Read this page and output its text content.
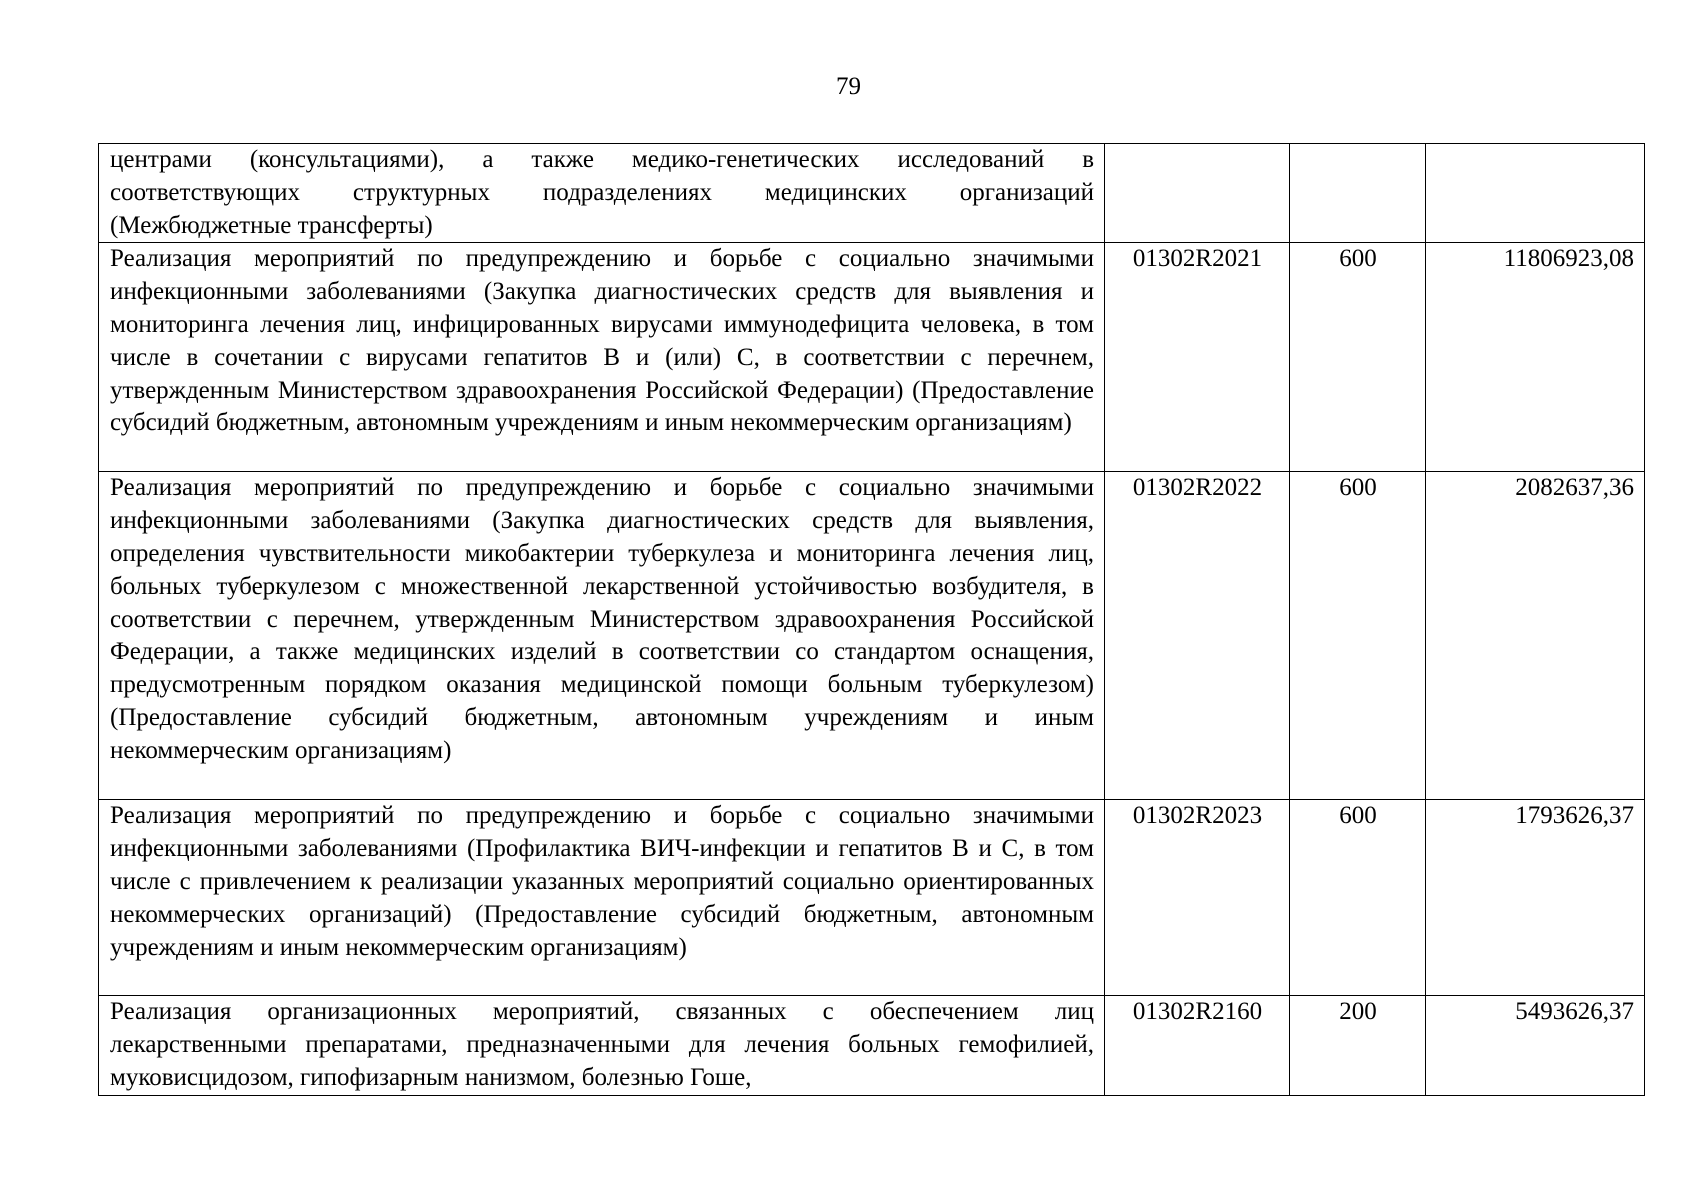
79
центрами (консультациями), а также медико-генетических исследований в соответствующих структурных подразделениях медицинских организаций (Межбюджетные трансферты)			
Реализация мероприятий по предупреждению и борьбе с социально значимыми инфекционными заболеваниями (Закупка диагностических средств для выявления и мониторинга лечения лиц, инфицированных вирусами иммунодефицита человека, в том числе в сочетании с вирусами гепатитов B и (или) C, в соответствии с перечнем, утвержденным Министерством здравоохранения Российской Федерации) (Предоставление субсидий бюджетным, автономным учреждениям и иным некоммерческим организациям)	01302R2021	600	11806923,08
Реализация мероприятий по предупреждению и борьбе с социально значимыми инфекционными заболеваниями (Закупка диагностических средств для выявления, определения чувствительности микобактерии туберкулеза и мониторинга лечения лиц, больных туберкулезом с множественной лекарственной устойчивостью возбудителя, в соответствии с перечнем, утвержденным Министерством здравоохранения Российской Федерации, а также медицинских изделий в соответствии со стандартом оснащения, предусмотренным порядком оказания медицинской помощи больным туберкулезом) (Предоставление субсидий бюджетным, автономным учреждениям и иным некоммерческим организациям)	01302R2022	600	2082637,36
Реализация мероприятий по предупреждению и борьбе с социально значимыми инфекционными заболеваниями (Профилактика ВИЧ-инфекции и гепатитов B и C, в том числе с привлечением к реализации указанных мероприятий социально ориентированных некоммерческих организаций) (Предоставление субсидий бюджетным, автономным учреждениям и иным некоммерческим организациям)	01302R2023	600	1793626,37
Реализация организационных мероприятий, связанных с обеспечением лиц лекарственными препаратами, предназначенными для лечения больных гемофилией, муковисцидозом, гипофизарным нанизмом, болезнью Гоше,	01302R2160	200	5493626,37
